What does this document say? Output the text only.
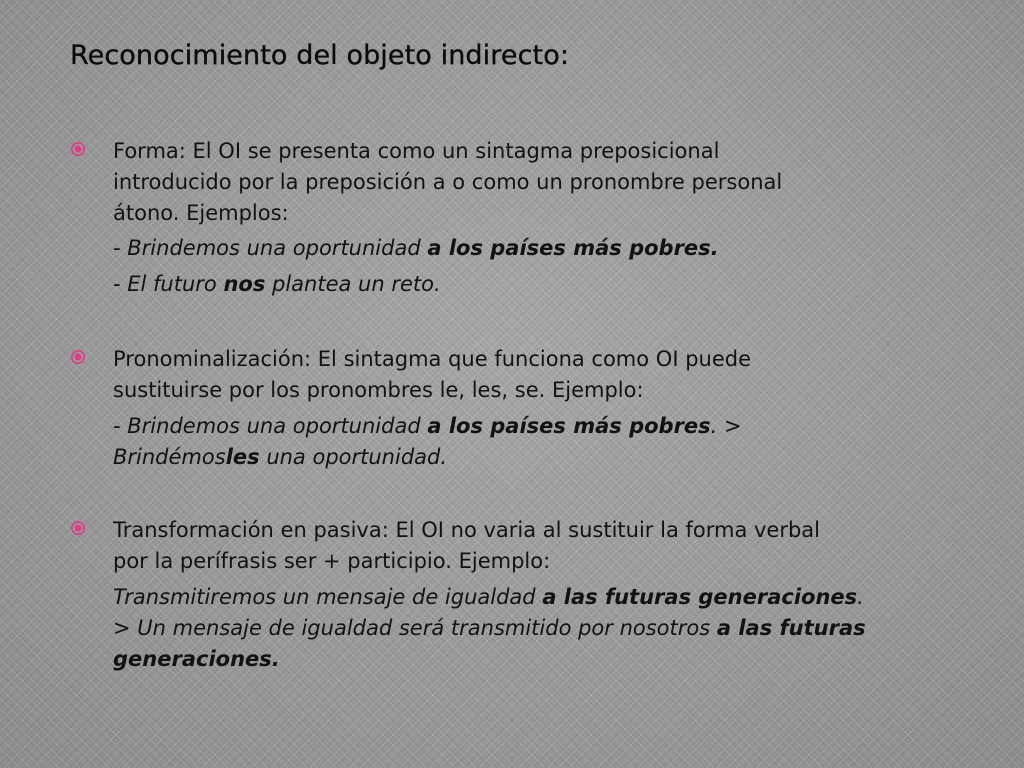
Reconocimiento del objeto indirecto:
Forma: El OI se presenta como un sintagma preposicional
introducido por la preposición a o como un pronombre personal
átono. Ejemplos:
- Brindemos una oportunidad a los países más pobres.
- El futuro nos plantea un reto.
Pronominalización: El sintagma que funciona como OI puede
sustituirse por los pronombres le, les, se. Ejemplo:
- Brindemos una oportunidad a los países más pobres. >
Brindémosles una oportunidad.
Transformación en pasiva: El OI no varia al sustituir la forma verbal
por la perífrasis ser + participio. Ejemplo:
Transmitiremos un mensaje de igualdad a las futuras generaciones.
> Un mensaje de igualdad será transmitido por nosotros a las futuras
generaciones.
